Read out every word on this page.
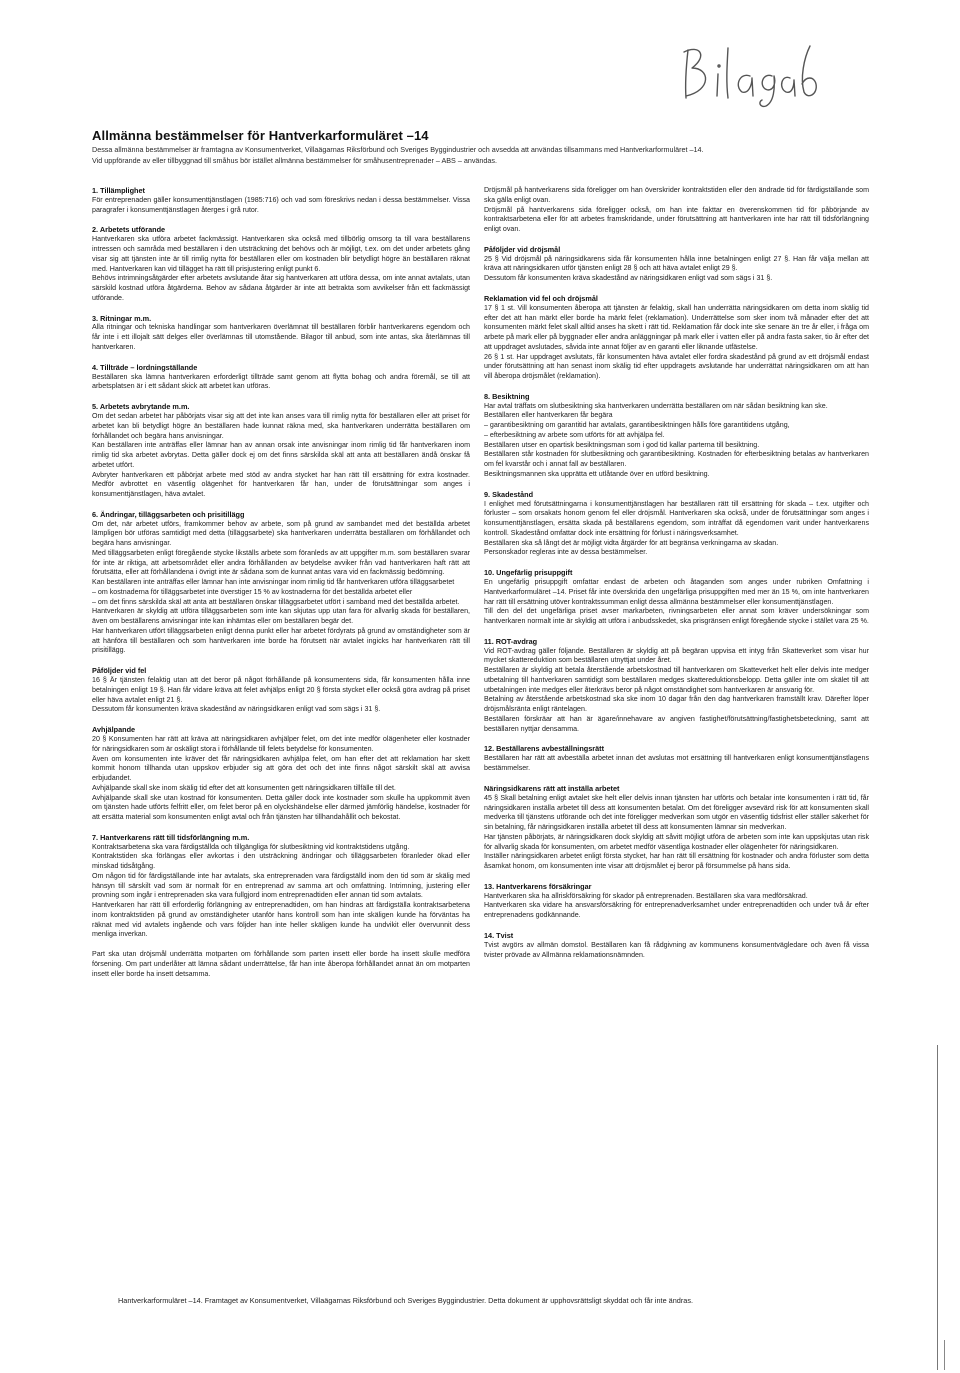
Allmänna bestämmelser för Hantverkarformuläret –14

Dessa allmänna bestämmelser är framtagna av Konsumentverket, Villaägarnas Riksförbund och Sveriges Byggindustrier och avsedda att användas tillsammans med Hantverkarformuläret –14.

Vid uppförande av eller tillbyggnad till småhus bör istället allmänna bestämmelser för småhusentreprenader – ABS – användas.

1. Tillämplighet

För entreprenaden gäller konsumenttjänstlagen (1985:716) och vad som föreskrivs nedan i dessa bestämmelser. Vissa paragrafer i konsumenttjänstlagen återges i grå rutor.

2. Arbetets utförande

Hantverkaren ska utföra arbetet fackmässigt. Hantverkaren ska också med tillbörlig omsorg ta till vara beställarens intressen och samråda med beställaren i den utsträckning det behövs och är möjligt, t.ex. om det under arbetets gång visar sig att tjänsten inte är till rimlig nytta för beställaren eller om kostnaden blir betydligt högre än beställaren räknat med. Hantverkaren kan vid tillägget ha rätt till prisjustering enligt punkt 6.

Behövs intrimningsåtgärder efter arbetets avslutande åtar sig hantverkaren att utföra dessa, om inte annat avtalats, utan särskild kostnad utföra åtgärderna. Behov av sådana åtgärder är inte att betrakta som avvikelser från ett fackmässigt utförande.

3. Ritningar m.m.

Alla ritningar och tekniska handlingar som hantverkaren överlämnat till beställaren förblir hantverkarens egendom och får inte i ett illojalt sätt delges eller överlämnas till utomstående. Bilagor till anbud, som inte antas, ska återlämnas till hantverkaren.

4. Tillträde – lordningställande

Beställaren ska lämna hantverkaren erforderligt tillträde samt genom att flytta bohag och andra föremål, se till att arbetsplatsen är i ett sådant skick att arbetet kan utföras.

5. Arbetets avbrytande m.m.

Om det sedan arbetet har påbörjats visar sig att det inte kan anses vara till rimlig nytta för beställaren eller att priset för arbetet kan bli betydligt högre än beställaren hade kunnat räkna med, ska hantverkaren underrätta beställaren om förhållandet och begära hans anvisningar.

Kan beställaren inte anträffas eller lämnar han av annan orsak inte anvisningar inom rimlig tid får hantverkaren inom rimlig tid ska arbetet avbrytas. Detta gäller dock ej om det finns särskilda skäl att anta att beställaren ändå önskar få arbetet utfört.

Avbryter hantverkaren ett påbörjat arbete med stöd av andra stycket har han rätt till ersättning för extra kostnader. Medför avbrottet en väsentlig olägenhet för hantverkaren får han, under de förutsättningar som anges i konsumenttjänstlagen, häva avtalet.

6. Ändringar, tilläggsarbeten och prisitillägg

Om det, när arbetet utförs, framkommer behov av arbete, som på grund av sambandet med det beställda arbetet lämpligen bör utföras samtidigt med detta (tilläggsarbete) ska hantverkaren underrätta beställaren om förhållandet och begära hans anvisningar.

Med tilläggsarbeten enligt föregående stycke likställs arbete som föranleds av att uppgifter m.m. som beställaren svarar för inte är riktiga, att arbetsområdet eller andra förhållanden av betydelse avviker från vad hantverkaren haft rätt att förutsätta, eller att förhållandena i övrigt inte är sådana som de kunnat antas vara vid en fackmässig bedömning.

Kan beställaren inte anträffas eller lämnar han inte anvisningar inom rimlig tid får hantverkaren utföra tilläggsarbetet

– om kostnaderna för tilläggsarbetet inte överstiger 15 % av kostnaderna för det beställda arbetet eller

– om det finns särskilda skäl att anta att beställaren önskar tilläggsarbetet utfört i samband med det beställda arbetet.

Hantverkaren är skyldig att utföra tilläggsarbeten som inte kan skjutas upp utan fara för allvarlig skada för beställaren, även om beställarens anvisningar inte kan inhämtas eller om beställaren begär det.

Har hantverkaren utfört tilläggsarbeten enligt denna punkt eller har arbetet fördyrats på grund av omständigheter som är att hänföra till beställaren och som hantverkaren inte borde ha förutsett när avtalet ingicks har hantverkaren rätt till prisitillägg.

Påföljder vid fel

16 § Är tjänsten felaktig utan att det beror på något förhållande på konsumentens sida, får konsumenten hålla inne betalningen enligt 19 §. Han får vidare kräva att felet avhjälps enligt 20 § första stycket eller också göra avdrag på priset eller häva avtalet enligt 21 §.

Dessutom får konsumenten kräva skadestånd av näringsidkaren enligt vad som sägs i 31 §.

Avhjälpande

20 § Konsumenten har rätt att kräva att näringsidkaren avhjälper felet, om det inte medför olägenheter eller kostnader för näringsidkaren som är oskäligt stora i förhållande till felets betydelse för konsumenten.

Även om konsumenten inte kräver det får näringsidkaren avhjälpa felet, om han efter det att reklamation har skett kommit honom tillhanda utan uppskov erbjuder sig att göra det och det inte finns något särskilt skäl att avvisa erbjudandet.

Avhjälpande skall ske inom skälig tid efter det att konsumenten gett näringsidkaren tillfälle till det.

Avhjälpande skall ske utan kostnad för konsumenten. Detta gäller dock inte kostnader som skulle ha uppkommit även om tjänsten hade utförts felfritt eller, om felet beror på en olyckshändelse eller därmed jämförlig händelse, kostnader för att ersätta material som konsumenten enligt avtal och från tjänsten har tillhandahållit och bekostat.

7. Hantverkarens rätt till tidsförlängning m.m.

Kontraktsarbetena ska vara färdigställda och tillgängliga för slutbesiktning vid kontraktstidens utgång.

Kontraktstiden ska förlängas eller avkortas i den utsträckning ändringar och tilläggsarbeten föranleder ökad eller minskad tidsåtgång.

Om någon tid för färdigställande inte har avtalats, ska entreprenaden vara färdigställd inom den tid som är skälig med hänsyn till särskilt vad som är normalt för en entreprenad av samma art och omfattning. Intrimning, justering eller provning som ingår i entreprenaden ska vara fullgjord inom entreprenadtiden eller annan tid som avtalats.

Hantverkaren har rätt till erforderlig förlängning av entreprenadtiden, om han hindras att färdigställa kontraktsarbetena inom kontraktstiden på grund av omständigheter utanför hans kontroll som han inte skäligen kunde ha förväntas ha räknat med vid avtalets ingående och vars följder han inte heller skäligen kunde ha undvikit eller övervunnit dess menliga inverkan.

Part ska utan dröjsmål underrätta motparten om förhållande som parten insett eller borde ha insett skulle medföra försening. Om part underlåter att lämna sådant underrättelse, får han inte åberopa förhållandet annat än om motparten insett eller borde ha insett detsamma.

Dröjsmål på hantverkarens sida föreligger om han överskrider kontraktstiden eller den ändrade tid för färdigställande som ska gälla enligt ovan.

Dröjsmål på hantverkarens sida föreligger också, om han inte fakttar en överenskommen tid för påbörjande av kontraktsarbetena eller för att arbetes framskridande, under förutsättning att hantverkaren inte har rätt till tidsförlängning enligt ovan.

Påföljder vid dröjsmål

25 § Vid dröjsmål på näringsidkarens sida får konsumenten hålla inne betalningen enligt 27 §. Han får välja mellan att kräva att näringsidkaren utför tjänsten enligt 28 § och att häva avtalet enligt 29 §.

Dessutom får konsumenten kräva skadestånd av näringsidkaren enligt vad som sägs i 31 §.

Reklamation vid fel och dröjsmål

17 § 1 st. Vill konsumenten åberopa att tjänsten är felaktig, skall han underrätta näringsidkaren om detta inom skälig tid efter det att han märkt eller borde ha märkt felet (reklamation). Underrättelse som sker inom två månader efter det att konsumenten märkt felet skall alltid anses ha skett i rätt tid. Reklamation får dock inte ske senare än tre år eller, i fråga om arbete på mark eller på byggnader eller andra anläggningar på mark eller i vatten eller på andra fasta saker, tio år efter det att uppdraget avslutades, såvida inte annat följer av en garanti eller liknande utfästelse.

26 § 1 st. Har uppdraget avslutats, får konsumenten häva avtalet eller fordra skadestånd på grund av ett dröjsmål endast under förutsättning att han senast inom skälig tid efter uppdragets avslutande har underrättat näringsidkaren om att han vill åberopa dröjsmålet (reklamation).

8. Besiktning

Har avtal träffats om slutbesiktning ska hantverkaren underrätta beställaren om när sådan besiktning kan ske.

Beställaren eller hantverkaren får begära

– garantibesiktning om garantitid har avtalats, garantibesiktningen hålls före garantitidens utgång,

– efterbesiktning av arbete som utförts för att avhjälpa fel.

Beställaren utser en opartisk besiktningsman som i god tid kallar parterna till besiktning.

Beställaren står kostnaden för slutbesiktning och garantibesiktning. Kostnaden för efterbesiktning betalas av hantverkaren om fel kvarstår och i annat fall av beställaren.

Besiktningsmannen ska upprätta ett utlåtande över en utförd besiktning.

9. Skadestånd

I enlighet med förutsättningarna i konsumenttjänstlagen har beställaren rätt till ersättning för skada – t.ex. utgifter och förluster – som orsakats honom genom fel eller dröjsmål. Hantverkaren ska också, under de förutsättningar som anges i konsumenttjänstlagen, ersätta skada på beställarens egendom, som inträffat då egendomen varit under hantverkarens kontroll. Skadestånd omfattar dock inte ersättning för förlust i näringsverksamhet.

Beställaren ska så långt det är möjligt vidta åtgärder för att begränsa verkningarna av skadan.

Personskador regleras inte av dessa bestämmelser.

10. Ungefärlig prisuppgift

En ungefärlig prisuppgift omfattar endast de arbeten och åtaganden som anges under rubriken Omfattning i Hantverkarformuläret –14. Priset får inte överskrida den ungefärliga prisuppgiften med mer än 15 %, om inte hantverkaren har rätt till ersättning utöver kontraktssumman enligt dessa allmänna bestämmelser eller konsumenttjänstlagen.

Till den del det ungefärliga priset avser markarbeten, rivningsarbeten eller annat som kräver undersökningar som hantverkaren normalt inte är skyldig att utföra i anbudsskedet, ska prisgränsen enligt föregående stycke i stället vara 25 %.

11. ROT-avdrag

Vid ROT-avdrag gäller följande. Beställaren är skyldig att på begäran uppvisa ett intyg från Skatteverket som visar hur mycket skattereduktion som beställaren utnyttjat under året.

Beställaren är skyldig att betala återstående arbetskostnad till hantverkaren om Skatteverket helt eller delvis inte medger utbetalning till hantverkaren samtidigt som beställaren medges skattereduktionsbelopp. Detta gäller inte om skälet till att utbetalningen inte medges eller återkrävs beror på något omständighet som hantverkaren är ansvarig för.

Betalning av återstående arbetskostnad ska ske inom 10 dagar från den dag hantverkaren framställt krav. Därefter löper dröjsmålsränta enligt räntelagen.

Beställaren förskräar att han är ägare/innehavare av angiven fastighet/förutsättning/fastighetsbeteckning, samt att beställaren nyttjar densamma.

12. Beställarens avbeställningsrätt

Beställaren har rätt att avbeställa arbetet innan det avslutas mot ersättning till hantverkaren enligt konsumenttjänstlagens bestämmelser.

Näringsidkarens rätt att inställa arbetet

45 § Skall betalning enligt avtalet ske helt eller delvis innan tjänsten har utförts och betalar inte konsumenten i rätt tid, får näringsidkaren inställa arbetet till dess att konsumenten betalat. Om det föreligger avsevärd risk för att konsumenten skall medverka till tjänstens utförande och det inte föreligger medverkan som utgör en väsentlig tidsfrist eller ställer säkerhet för sin betalning, får näringsidkaren inställa arbetet till dess att konsumenten lämnar sin medverkan.

Har tjänsten påbörjats, är näringsidkaren dock skyldig att såvitt möjligt utföra de arbeten som inte kan uppskjutas utan risk för allvarlig skada för konsumenten, om arbetet medför väsentliga kostnader eller olägenheter för näringsidkaren.

Inställer näringsidkaren arbetet enligt första stycket, har han rätt till ersättning för kostnader och andra förluster som detta åsamkat honom, om konsumenten inte visar att dröjsmålet ej beror på försummelse på hans sida.

13. Hantverkarens försäkringar

Hantverkaren ska ha allriskförsäkring för skador på entreprenaden. Beställaren ska vara medförsäkrad.

Hantverkaren ska vidare ha ansvarsförsäkring för entreprenadverksamhet under entreprenadtiden och under två år efter entreprenadens godkännande.

14. Tvist

Tvist avgörs av allmän domstol. Beställaren kan få rådgivning av kommunens konsumentvägledare och även få vissa tvister prövade av Allmänna reklamationsnämnden.

Hantverkarformuläret –14. Framtaget av Konsumentverket, Villaägarnas Riksförbund och Sveriges Byggindustrier. Detta dokument är upphovsrättsligt skyddat och får inte ändras.
